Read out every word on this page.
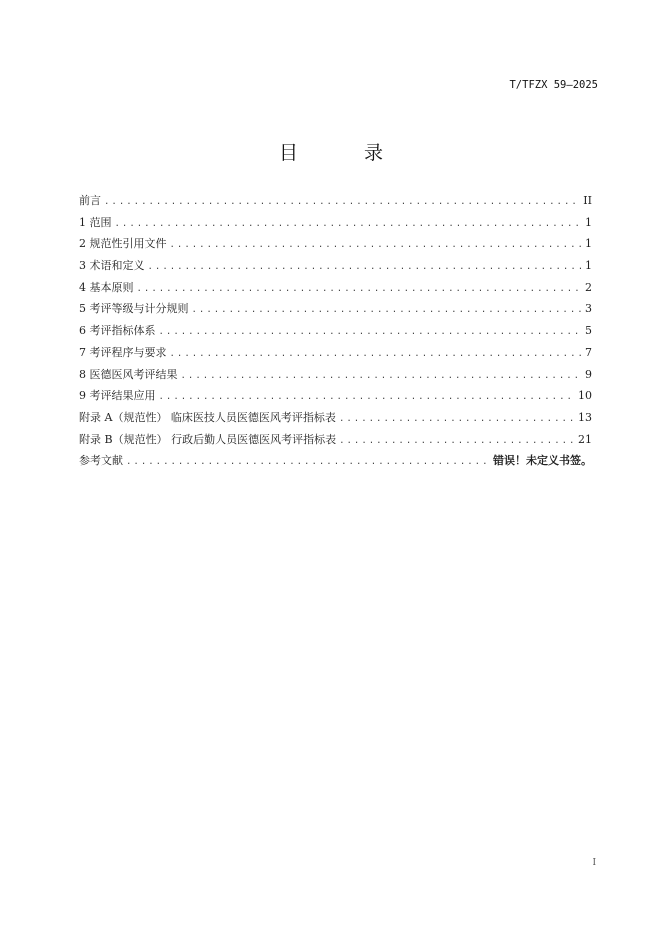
T/TFZX 59—2025
目 录
前言 .....	II
1 范围 .....	1
2 规范性引用文件 .....	1
3 术语和定义 .....	1
4 基本原则 .....	2
5 考评等级与计分规则 .....	3
6 考评指标体系 .....	5
7 考评程序与要求 .....	7
8 医德医风考评结果 .....	9
9 考评结果应用 .....	10
附录 A（规范性） 临床医技人员医德医风考评指标表 .....	13
附录 B（规范性） 行政后勤人员医德医风考评指标表 .....	21
参考文献 .....	错误！未定义书签。
I
